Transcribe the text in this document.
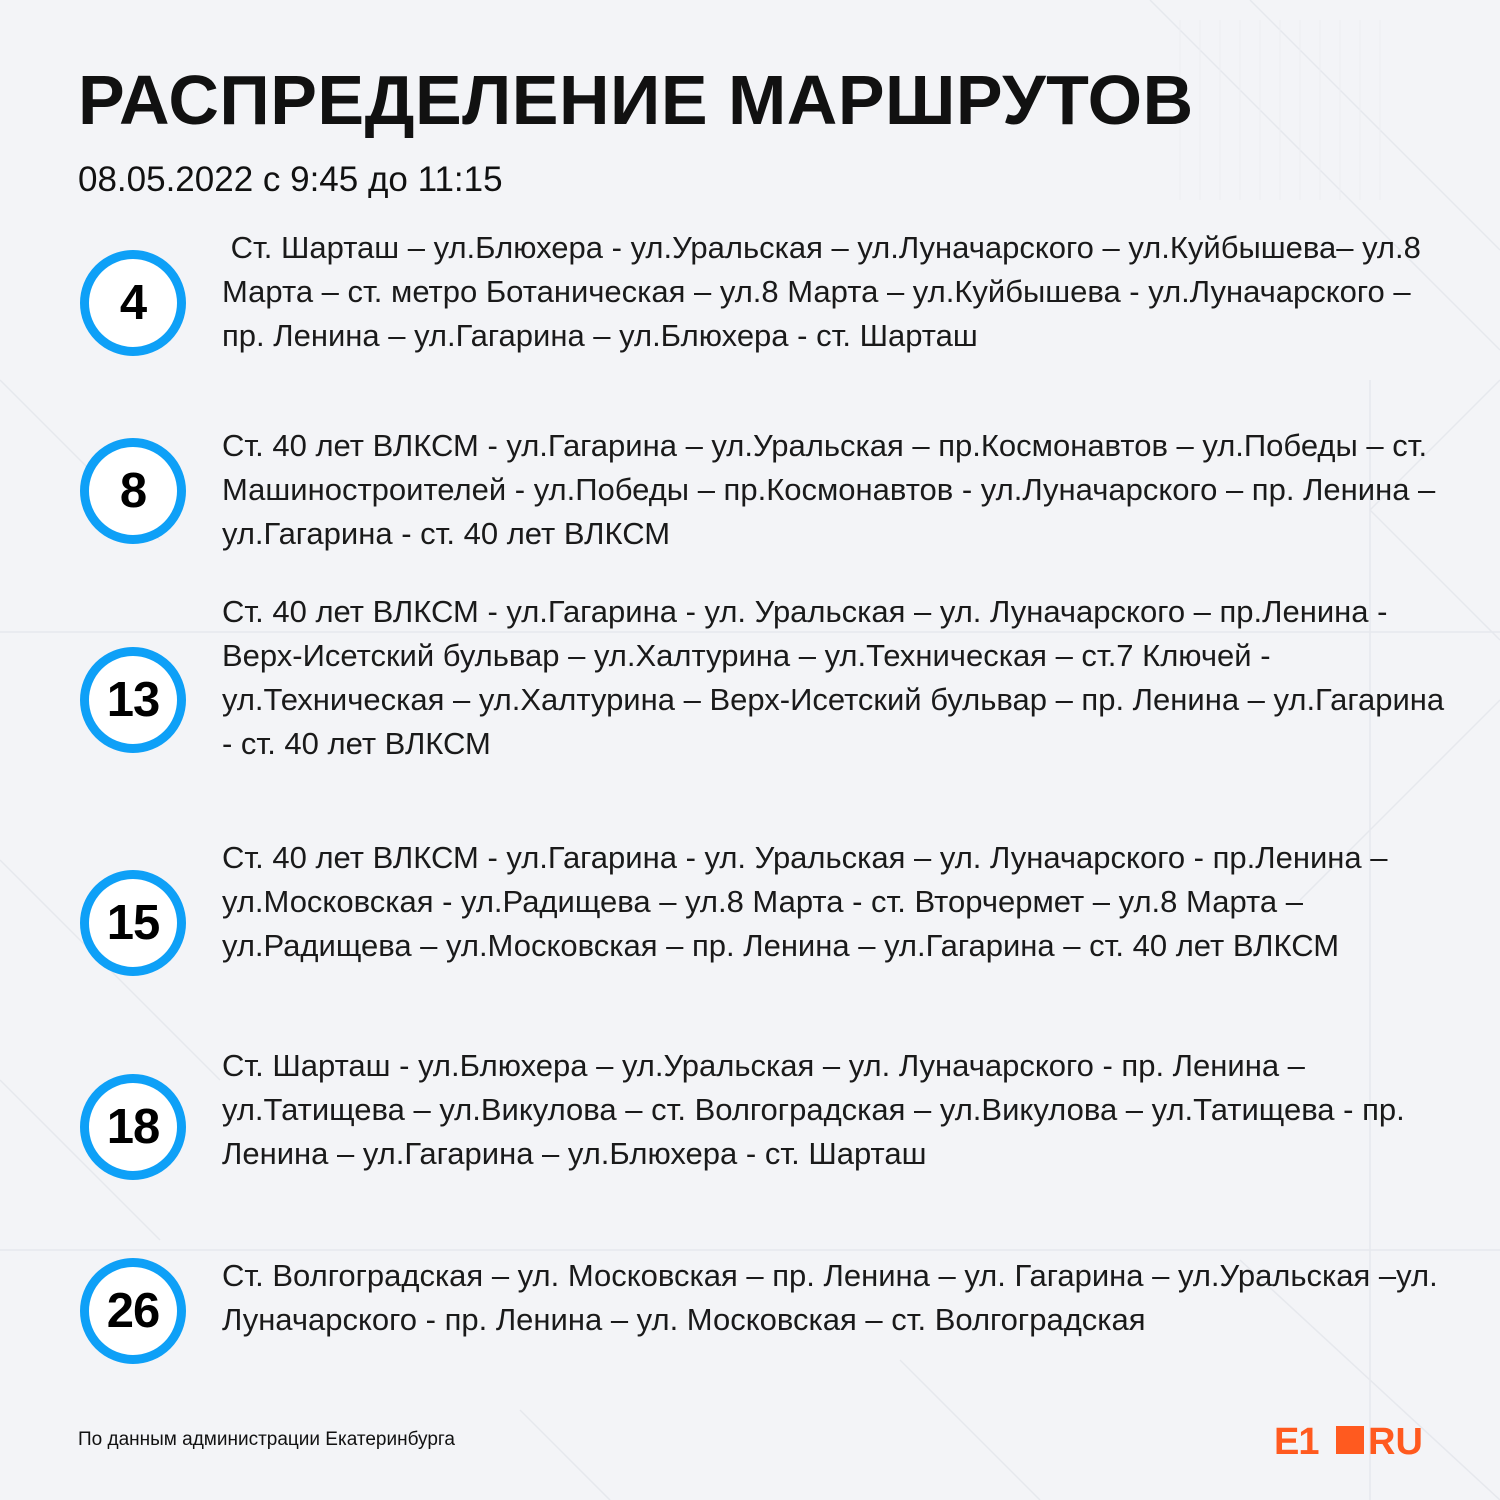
РАСПРЕДЕЛЕНИЕ МАРШРУТОВ
08.05.2022 с 9:45 до 11:15
4
Ст. Шарташ – ул.Блюхера - ул.Уральская – ул.Луначарского – ул.Куйбышева– ул.8 Марта – ст. метро Ботаническая – ул.8 Марта – ул.Куйбышева - ул.Луначарского – пр. Ленина – ул.Гагарина – ул.Блюхера - ст. Шарташ
8
Ст. 40 лет ВЛКСМ - ул.Гагарина – ул.Уральская – пр.Космонавтов – ул.Победы – ст. Машиностроителей - ул.Победы – пр.Космонавтов - ул.Луначарского – пр. Ленина – ул.Гагарина - ст. 40 лет ВЛКСМ
13
Ст. 40 лет ВЛКСМ - ул.Гагарина - ул. Уральская – ул. Луначарского – пр.Ленина - Верх-Исетский бульвар – ул.Халтурина – ул.Техническая – ст.7 Ключей - ул.Техническая – ул.Халтурина – Верх-Исетский бульвар – пр. Ленина – ул.Гагарина - ст. 40 лет ВЛКСМ
15
Ст. 40 лет ВЛКСМ - ул.Гагарина - ул. Уральская – ул. Луначарского - пр.Ленина – ул.Московская - ул.Радищева – ул.8 Марта - ст. Вторчермет – ул.8 Марта – ул.Радищева – ул.Московская – пр. Ленина – ул.Гагарина – ст. 40 лет ВЛКСМ
18
Ст. Шарташ - ул.Блюхера – ул.Уральская – ул. Луначарского - пр. Ленина – ул.Татищева – ул.Викулова – ст. Волгоградская – ул.Викулова – ул.Татищева - пр. Ленина – ул.Гагарина – ул.Блюхера - ст. Шарташ
26
Ст. Волгоградская – ул. Московская – пр. Ленина – ул. Гагарина – ул.Уральская –ул. Луначарского - пр. Ленина – ул. Московская – ст. Волгоградская
По данным администрации Екатеринбурга	E1 RU
